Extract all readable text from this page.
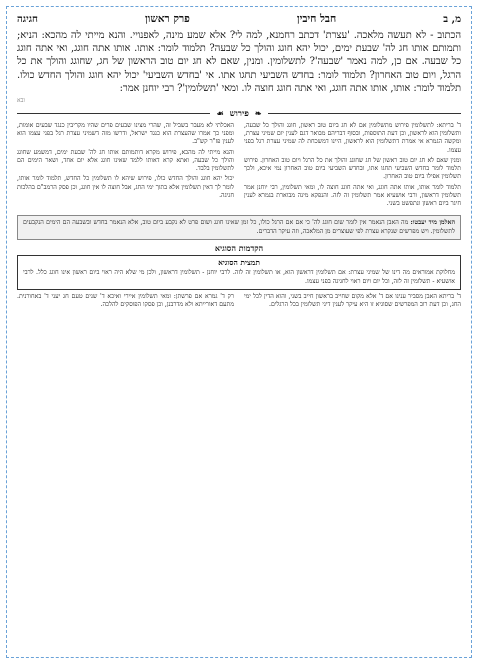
מ, ב
חבל חיבין
פרק ראשון
חגיגה

הכתוב - לא תעשה מלאכה. 'עצרת' דכתב רחמנא, למה לי? אלא שמע מינה, לאפנויי. והנא מייתי לה מהכא: הניא; ותמותם אותו חג לה' שבעת ימים, יכול יהא חוגג והולך כל שבעה? תלמוד לומר: אותו. אותו אתה חוגג, ואי אתה חוגג כל שבעה. אם כן, למה נאמר 'שבעה'? לתשלומין. ומנין, שאם לא חג יום טוב הראשון של חג, שחוגג והולך את כל הרגל, ויום טוב האחרון? תלמוד לומר: בחדש השביעי תחגו אתו. אי 'בחדש השביעי' יכול יהא חוגג והולך החדש כולו. תלמוד לומר: אותו, אותו אתה חוגג, ואי אתה חוגג חוצה לו. ומאי 'תשלומין'? רבי יוחנן אמר:

ובא
❧
פירוש
☙

ד' בריתא: לתשלומין פירוש מתשלומין אם לא חג ביום טוב ראשון, חוגג והולך כל שבעה, ותשלומין הוא לראשון, וכן דעת התוספות, ובסוף דבריהם מבואר דגם לענין יום שמיני עצרת, ומקשה הגמרא אי אמרת דתשלומין הוא לראשון, היינו דמשכחת לה שמיני עצרת רגל בפני עצמו.

ומנין שאם לא חג יום טוב ראשון של חג שחוגג והולך את כל הרגל ויום טוב האחרון. פירוש תלמוד לומר בחדש השביעי תחגו אתו, ובחדש השביעי ביום טוב האחרון נמי איכא, ולכך תשלומין אפילו ביום טוב האחרון.

תלמוד לומר אותו, אותו אתה חוגג, ואי אתה חוגג חוצה לו, ומאי תשלומין, רבי יוחנן אמר תשלומין דראשון, ורבי אושעיא אמר תשלומין זה לזה. והנפקא מינה מבוארת בגמרא לענין חיגר ביום ראשון ונתפשט בשני.

האכלתי לא מעבר בשביל זה, שהרי מצינו שבעים פרים שהיו מקריבין כנגד שבעים אומות, ומפני כך אמרו שהעצרת הוא כנגד ישראל, ודרשו מזה דשמיני עצרת רגל בפני עצמו הוא לענין פז"ר קש"ב.

והנא מייתי לה מהכא, פירוש מקרא דותמותם אותו חג לה' שבעת ימים, דמשמע שחוגג והולך כל שבעה, ואתא קרא דאותו ללמד שאינו חוגג אלא יום אחד, ושאר הימים הם לתשלומין בלבד.

יכול יהא חוגג והולך החדש כולו, פירוש שיהא לו תשלומין כל החדש, תלמוד לומר אותו, לומר לך דאין תשלומין אלא בתוך ימי החג, אבל חוצה לו אין חוגג, וכן פסק הרמב"ם בהלכות חגיגה.

האלמן מיד יעבטו: מה האבן הנאמר אין לומר שום חוגג לה' כי אם אם הרגל כולו, כל זמן שאינו חוגג ושום פרט לא נקבע ביום טוב, אלא הנאמר בחדש ובשבעה הם הימים הנקבעים לתשלומין. ויש מפרשים שנקרא עצרת לפי שעוצרים מן המלאכה, וזה עיקר הדברים.
הקדמות הסוגיא
תמצית הסוגיא
מחלוקת אמוראים מה דינו של שמיני עצרת: אם תשלומין דראשון הוא, או תשלומין זה לזה. לרבי יוחנן - תשלומין דראשון, ולכן מי שלא היה ראוי ביום ראשון אינו חוגג כלל. לרבי אושעיא - תשלומין זה לזה, וכל יום ויום ראוי לחגיגה בפני עצמו.
ד' בריתא האבן מסביר ענינו אם ד' אלא מקום שחייב בראשון חייב בשני, והוא הדין לכל ימי החג, וכן דעת רוב המפרשים שסוגיא זו היא עיקר לענין דיני תשלומין בכל הרגלים.
רק ד' גמרא אם פרשתן: ומאי תשלומין איירי ואיכא ד' שנים טעם חג יעני ד' באחורנית. מתעם דאורייתא ולא מדרבנן, וכן פסקו הפוסקים להלכה.
